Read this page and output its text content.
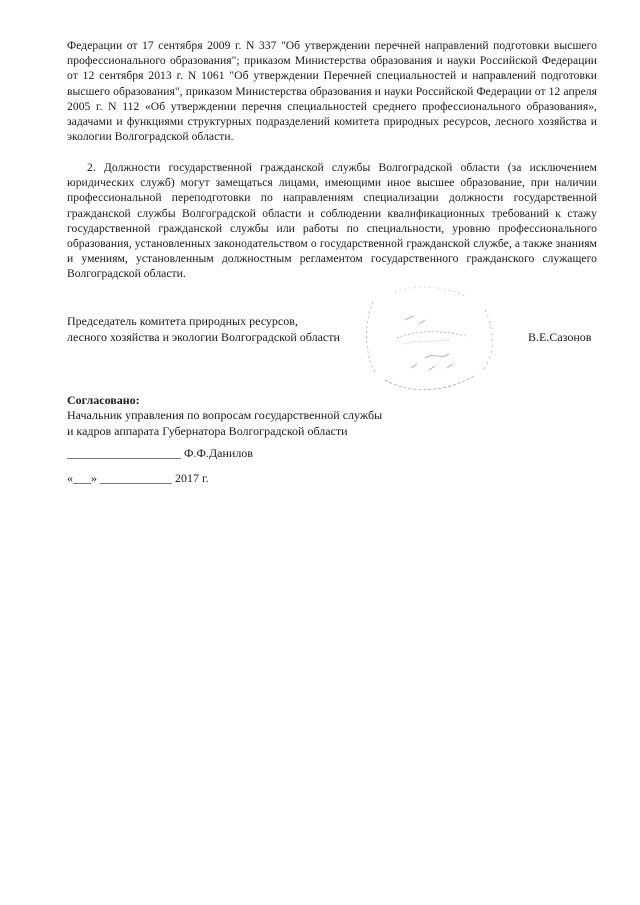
Федерации от 17 сентября 2009 г. N 337 "Об утверждении перечней направлений подготовки высшего профессионального образования"; приказом Министерства образования и науки Российской Федерации от 12 сентября 2013 г. N 1061 "Об утверждении Перечней специальностей и направлений подготовки высшего образования", приказом Министерства образования и науки Российской Федерации от 12 апреля 2005 г. N 112 «Об утверждении перечня специальностей среднего профессионального образования», задачами и функциями структурных подразделений комитета природных ресурсов, лесного хозяйства и экологии Волгоградской области.
2. Должности государственной гражданской службы Волгоградской области (за исключением юридических служб) могут замещаться лицами, имеющими иное высшее образование, при наличии профессиональной переподготовки по направлениям специализации должности государственной гражданской службы Волгоградской области и соблюдении квалификационных требований к стажу государственной гражданской службы или работы по специальности, уровню профессионального образования, установленных законодательством о государственной гражданской службе, а также знаниям и умениям, установленным должностным регламентом государственного гражданского служащего Волгоградской области.
Председатель комитета природных ресурсов,
лесного хозяйства и экологии Волгоградской области	В.Е.Сазонов
Согласовано:
Начальник управления по вопросам государственной службы
и кадров аппарата Губернатора Волгоградской области
___________________ Ф.Ф.Данилов
«___» ____________ 2017 г.
